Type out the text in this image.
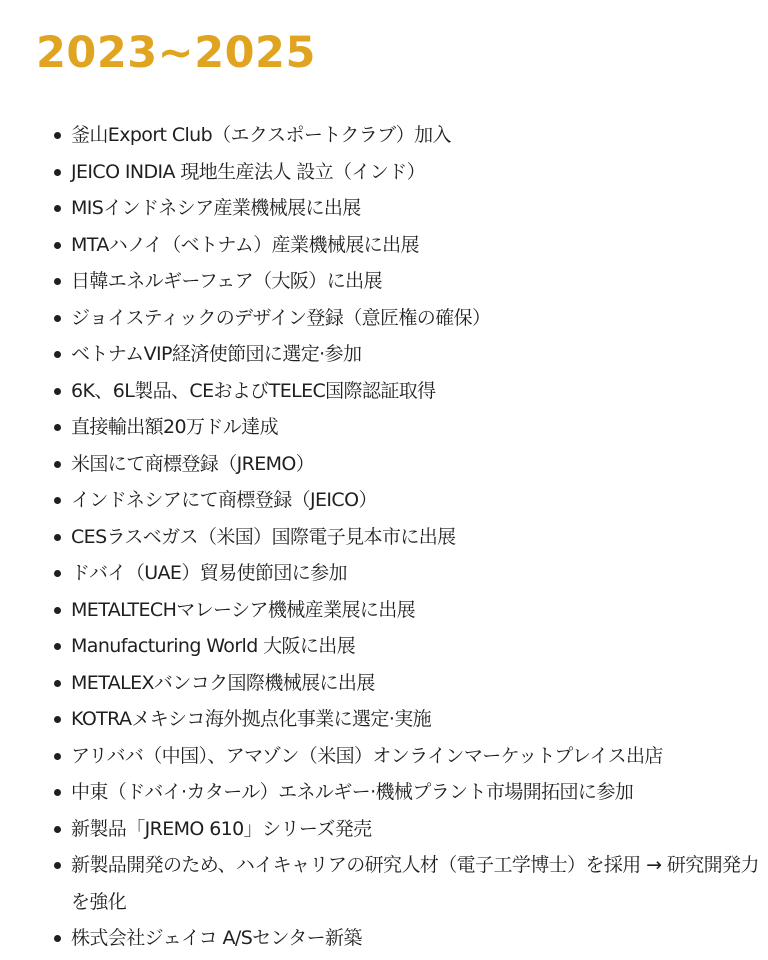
2023~2025
釜山Export Club（エクスポートクラブ）加入
JEICO INDIA 現地生産法人 設立（インド）
MISインドネシア産業機械展に出展
MTAハノイ（ベトナム）産業機械展に出展
日韓エネルギーフェア（大阪）に出展
ジョイスティックのデザイン登録（意匠権の確保）
ベトナムVIP経済使節団に選定·参加
6K、6L製品、CEおよびTELEC国際認証取得
直接輸出額20万ドル達成
米国にて商標登録（JREMO）
インドネシアにて商標登録（JEICO）
CESラスベガス（米国）国際電子見本市に出展
ドバイ（UAE）貿易使節団に参加
METALTECHマレーシア機械産業展に出展
Manufacturing World 大阪に出展
METALEXバンコク国際機械展に出展
KOTRAメキシコ海外拠点化事業に選定·実施
アリババ（中国）、アマゾン（米国）オンラインマーケットプレイス出店
中東（ドバイ·カタール）エネルギー·機械プラント市場開拓団に参加
新製品「JREMO 610」シリーズ発売
新製品開発のため、ハイキャリアの研究人材（電子工学博士）を採用 → 研究開発力を強化
株式会社ジェイコ A/Sセンター新築
